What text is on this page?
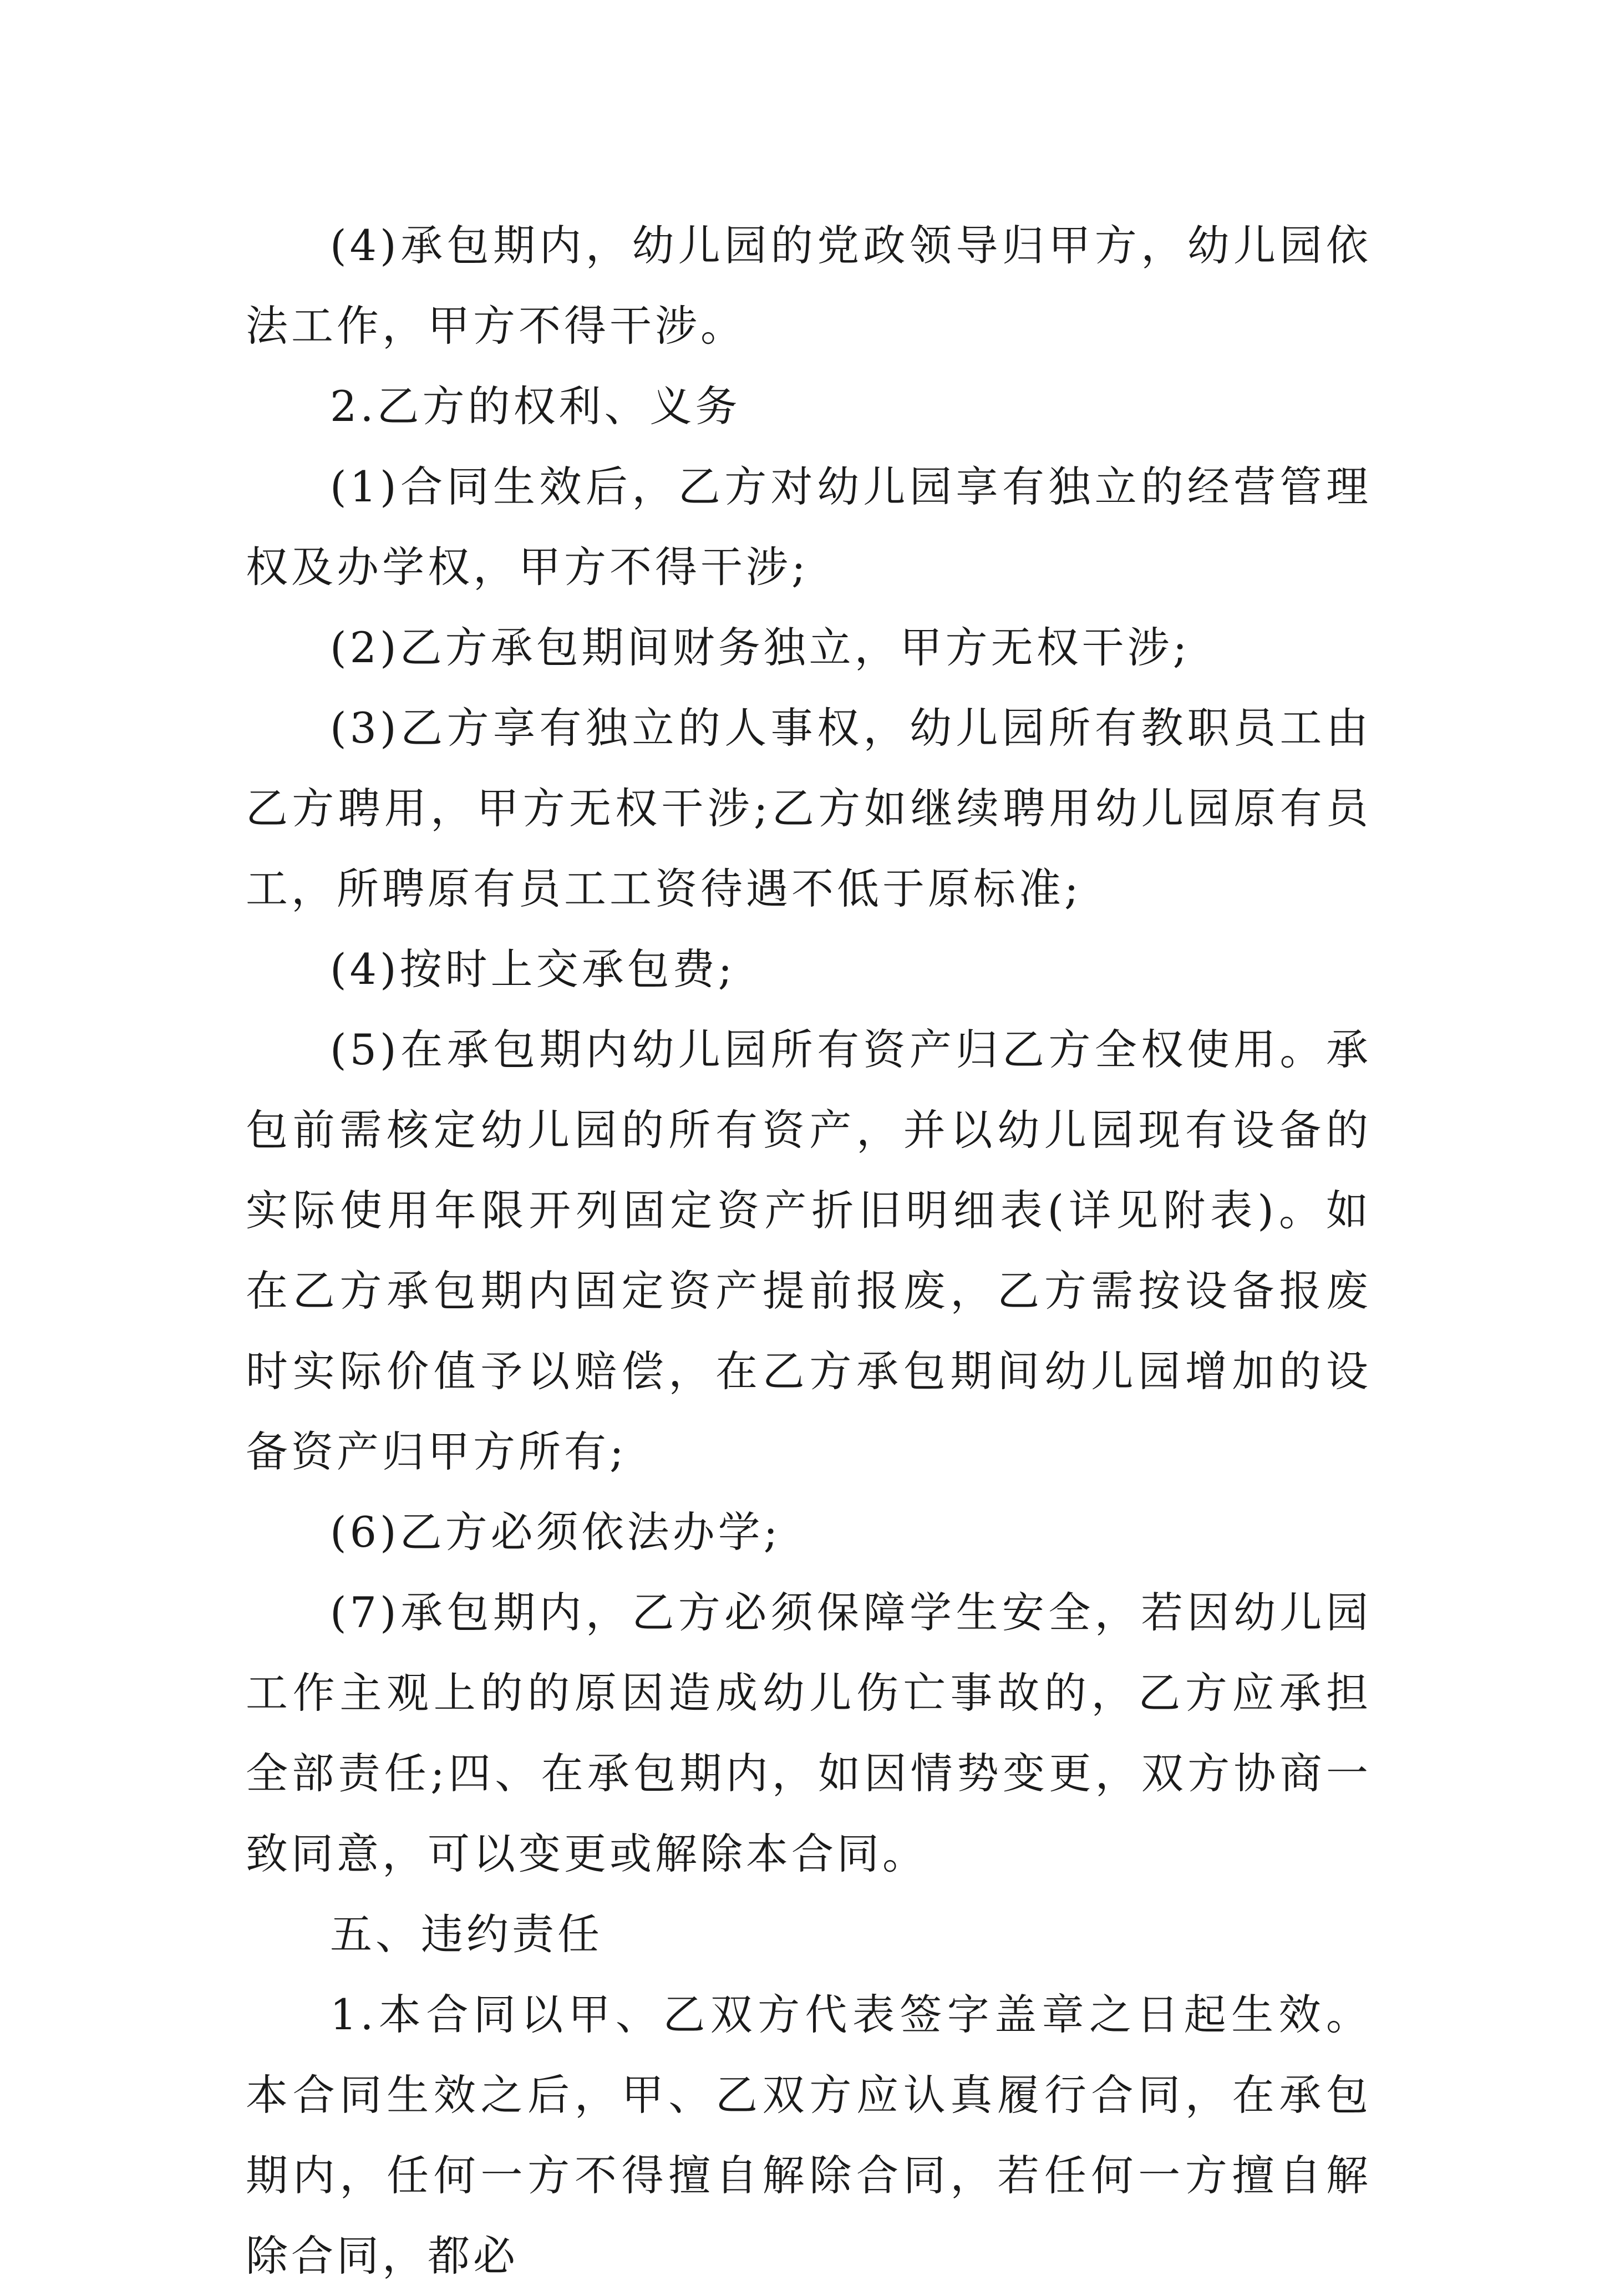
(4)承包期内，幼儿园的党政领导归甲方，幼儿园依法工作，甲方不得干涉。

2.乙方的权利、义务

(1)合同生效后，乙方对幼儿园享有独立的经营管理权及办学权，甲方不得干涉;

(2)乙方承包期间财务独立，甲方无权干涉;

(3)乙方享有独立的人事权，幼儿园所有教职员工由乙方聘用，甲方无权干涉;乙方如继续聘用幼儿园原有员工，所聘原有员工工资待遇不低于原标准;

(4)按时上交承包费;

(5)在承包期内幼儿园所有资产归乙方全权使用。承包前需核定幼儿园的所有资产，并以幼儿园现有设备的实际使用年限开列固定资产折旧明细表(详见附表)。如在乙方承包期内固定资产提前报废，乙方需按设备报废时实际价值予以赔偿，在乙方承包期间幼儿园增加的设备资产归甲方所有;

(6)乙方必须依法办学;

(7)承包期内，乙方必须保障学生安全，若因幼儿园工作主观上的的原因造成幼儿伤亡事故的，乙方应承担全部责任;四、在承包期内，如因情势变更，双方协商一致同意，可以变更或解除本合同。

五、违约责任

1.本合同以甲、乙双方代表签字盖章之日起生效。本合同生效之后，甲、乙双方应认真履行合同，在承包期内，任何一方不得擅自解除合同，若任何一方擅自解除合同，都必
